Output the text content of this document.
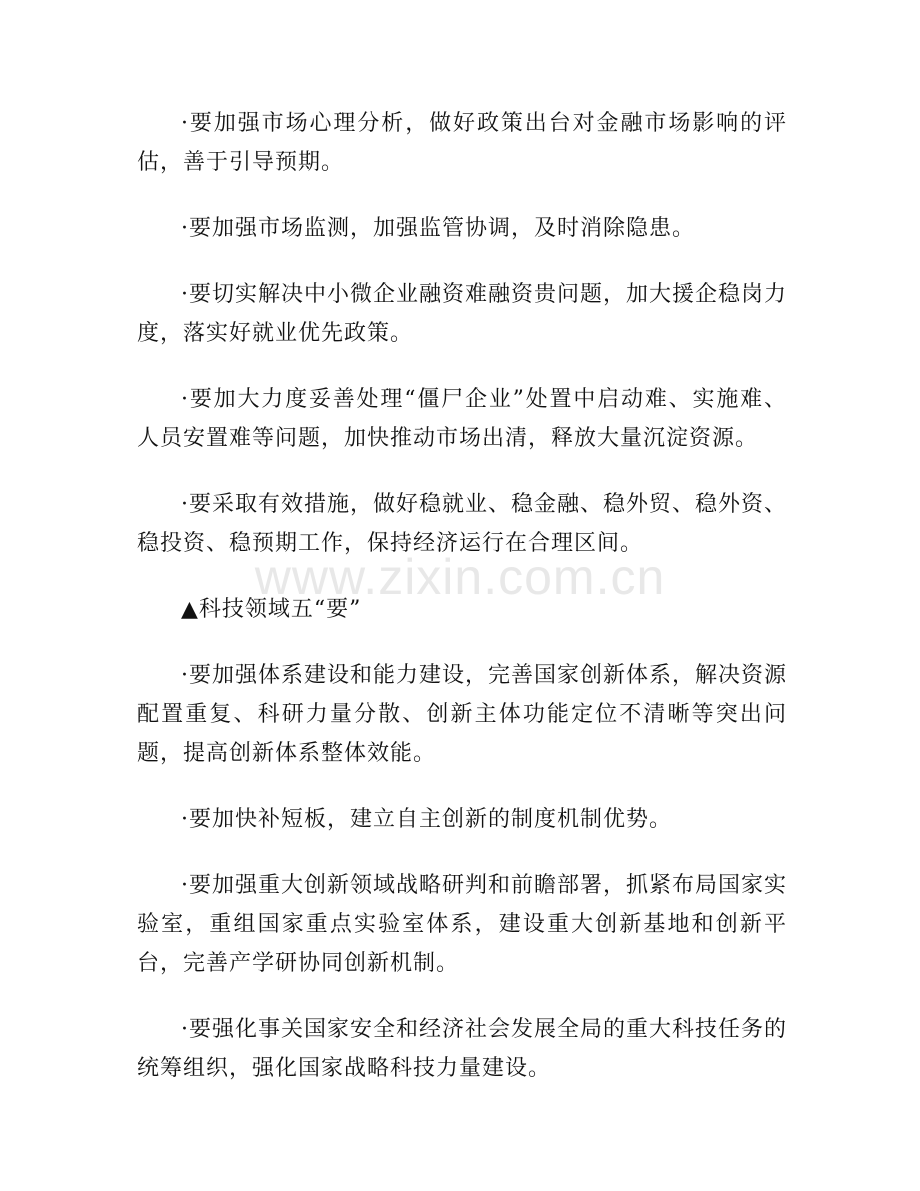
www.zixin.com.cn

·要加强市场心理分析，做好政策出台对金融市场影响的评估，善于引导预期。

·要加强市场监测，加强监管协调，及时消除隐患。

·要切实解决中小微企业融资难融资贵问题，加大援企稳岗力度，落实好就业优先政策。

·要加大力度妥善处理“僵尸企业”处置中启动难、实施难、人员安置难等问题，加快推动市场出清，释放大量沉淀资源。

·要采取有效措施，做好稳就业、稳金融、稳外贸、稳外资、稳投资、稳预期工作，保持经济运行在合理区间。

▲科技领域五“要”

·要加强体系建设和能力建设，完善国家创新体系，解决资源配置重复、科研力量分散、创新主体功能定位不清晰等突出问题，提高创新体系整体效能。

·要加快补短板，建立自主创新的制度机制优势。

·要加强重大创新领域战略研判和前瞻部署，抓紧布局国家实验室，重组国家重点实验室体系，建设重大创新基地和创新平台，完善产学研协同创新机制。

·要强化事关国家安全和经济社会发展全局的重大科技任务的统筹组织，强化国家战略科技力量建设。
